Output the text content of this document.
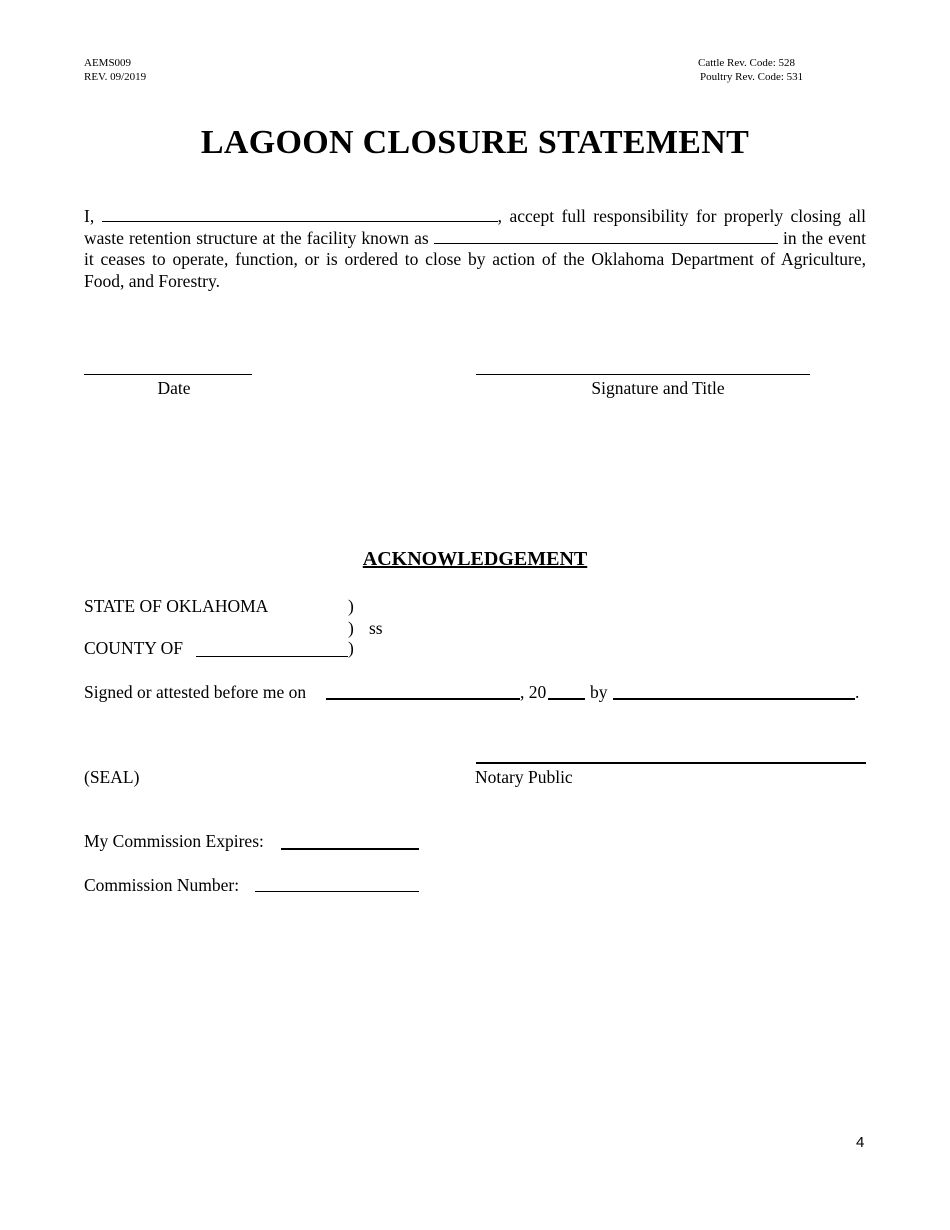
AEMS009
REV. 09/2019
Cattle Rev. Code: 528
Poultry Rev. Code: 531
LAGOON CLOSURE STATEMENT
I,	, accept full responsibility for properly closing all waste retention structure at the facility known as	in the event it ceases to operate, function, or is ordered to close by action of the Oklahoma Department of Agriculture, Food, and Forestry.
Date	Signature and Title
ACKNOWLEDGEMENT
STATE OF OKLAHOMA	)
) ss
COUNTY OF	)
Signed or attested before me on	, 20	by	.
(SEAL)	Notary Public
My Commission Expires:
Commission Number:
4
